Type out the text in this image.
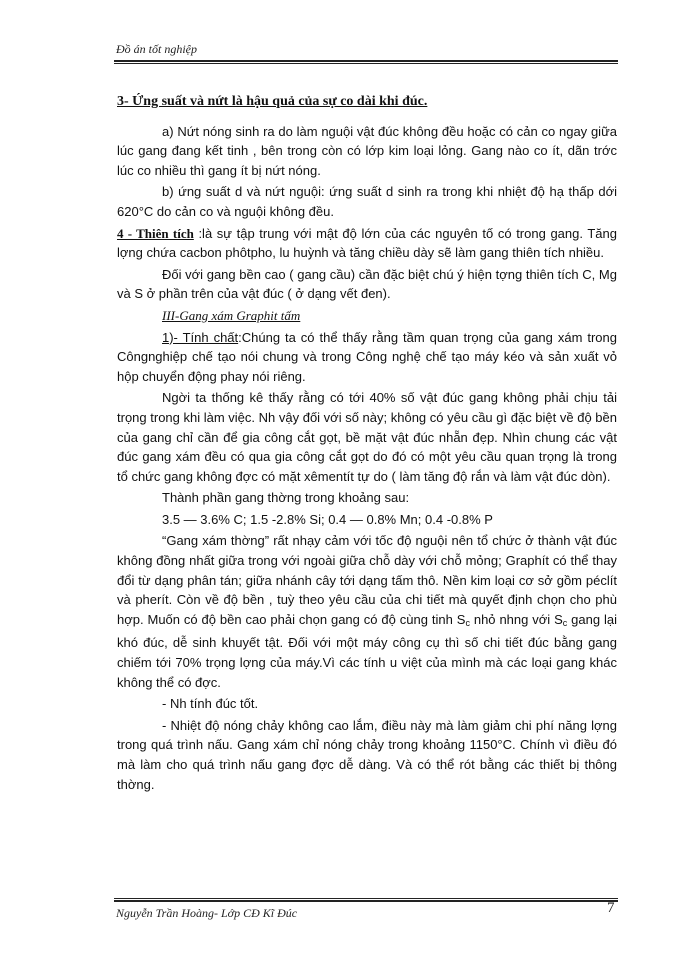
Đồ án tốt nghiệp

3- Ứng suất và nứt là hậu quả của sự co dài khi đúc.

a) Nứt nóng sinh ra do làm nguội vật đúc không đều hoặc có cản co ngay giữa lúc gang đang kết tinh , bên trong còn có lớp kim loại lỏng. Gang nào co ít, dãn trớc lúc co nhiều thì gang ít bị nứt nóng.

b) ứng suất d và nứt nguội: ứng suất d sinh ra trong khi nhiệt độ hạ thấp dới 620°C do cản co và nguội không đều.

4 - Thiên tích :là sự tập trung với mật độ lớn của các nguyên tố có trong gang. Tăng lợng chứa cacbon phôtpho, lu huỳnh và tăng chiều dày sẽ làm gang thiên tích nhiều.

Đối với gang bền cao ( gang cầu) cần đặc biệt chú ý hiện tợng thiên tích C, Mg và S ở phần trên của vật đúc ( ở dạng vết đen).

III-Gang xám Graphit tấm

1)- Tính chất:Chúng ta có thể thấy rằng tầm quan trọng của gang xám trong Côngnghiệp chế tạo nói chung và trong Công nghệ chế tạo máy kéo và sản xuất vỏ hộp chuyển động phay nói riêng.

Ngời ta thống kê thấy rằng có tới 40% số vật đúc gang không phải chịu tải trọng trong khi làm việc. Nh vậy đối với số này; không có yêu cầu gì đặc biệt về độ bền của gang chỉ cần để gia công cắt gọt, bề mặt vật đúc nhẵn đẹp. Nhìn chung các vật đúc gang xám đều có qua gia công cắt gọt do đó có một yêu cầu quan trọng là trong tổ chức gang không đợc có mặt xêmentít tự do ( làm tăng độ rắn và làm vật đúc dòn).

Thành phần gang thờng trong khoảng sau:

3.5 — 3.6% C; 1.5 -2.8% Si; 0.4 — 0.8% Mn; 0.4 -0.8% P

“Gang xám thờng” rất nhạy cảm với tốc độ nguội nên tổ chức ở thành vật đúc không đồng nhất giữa trong với ngoài giữa chỗ dày với chỗ mỏng; Graphít có thể thay đổi từ dạng phân tán; giữa nhánh cây tới dạng tấm thô. Nền kim loại cơ sở gồm péclít và pherít. Còn về độ bền , tuỳ theo yêu cầu của chi tiết mà quyết định chọn cho phù hợp. Muốn có độ bền cao phải chọn gang có độ cùng tinh $S_c$ nhỏ nhng với $S_c$ gang lại khó đúc, dễ sinh khuyết tật. Đối với một máy công cụ thì số chi tiết đúc bằng gang chiếm tới 70% trọng lợng của máy.Vì các tính u việt của mình mà các loại gang khác không thể có đợc.

- Nh tính đúc tốt.

- Nhiệt độ nóng chảy không cao lắm, điều này mà làm giảm chi phí năng lợng trong quá trình nấu. Gang xám chỉ nóng chảy trong khoảng 1150°C. Chính vì điều đó mà làm cho quá trình nấu gang đợc dễ dàng. Và có thể rót bằng các thiết bị thông thờng.

Nguyễn Trần Hoàng- Lớp CĐ Kĩ Đúc	7
